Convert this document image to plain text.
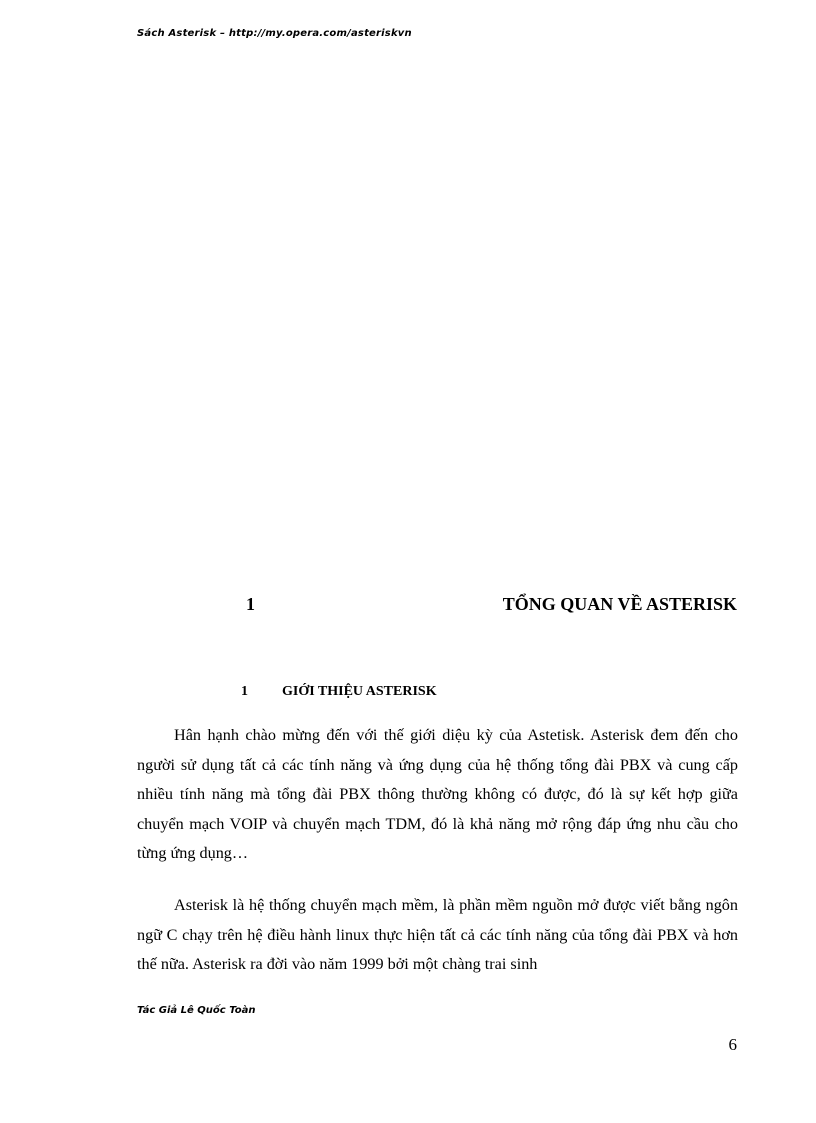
Sách Asterisk – http://my.opera.com/asteriskvn
1	TỔNG QUAN VỀ ASTERISK
1 GIỚI THIỆU ASTERISK

Hân hạnh chào mừng đến với thế giới diệu kỳ của Astetisk. Asterisk đem đến cho người sử dụng tất cả các tính năng và ứng dụng của hệ thống tổng đài PBX và cung cấp nhiều tính năng mà tổng đài PBX thông thường không có được, đó là sự kết hợp giữa chuyển mạch VOIP và chuyển mạch TDM, đó là khả năng mở rộng đáp ứng nhu cầu cho từng ứng dụng…

Asterisk là hệ thống chuyển mạch mềm, là phần mềm nguồn mở được viết bằng ngôn ngữ C chạy trên hệ điều hành linux thực hiện tất cả các tính năng của tổng đài PBX và hơn thế nữa. Asterisk ra đời vào năm 1999 bởi một chàng trai sinh

Tác Giả Lê Quốc Toàn
6
